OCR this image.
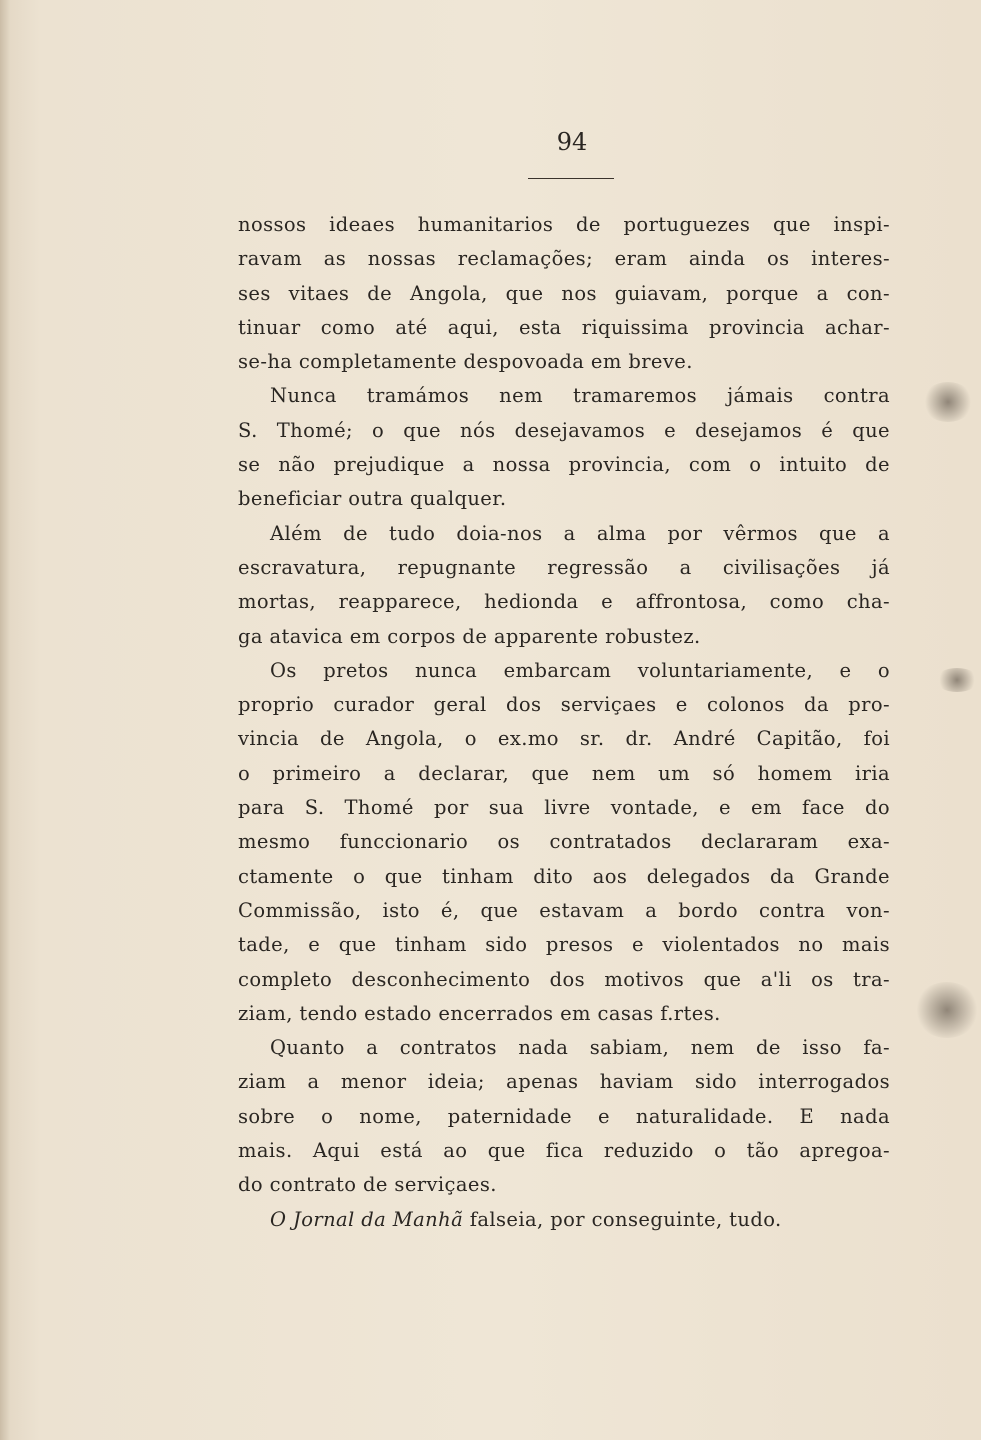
94
nossos ideaes humanitarios de portuguezes que inspi-
ravam as nossas reclamações; eram ainda os interes-
ses vitaes de Angola, que nos guiavam, porque a con-
tinuar como até aqui, esta riquissima provincia achar-
se-ha completamente despovoada em breve.
Nunca tramámos nem tramaremos jámais contra
S. Thomé; o que nós desejavamos e desejamos é que
se não prejudique a nossa provincia, com o intuito de
beneficiar outra qualquer.
Além de tudo doia-nos a alma por vêrmos que a
escravatura, repugnante regressão a civilisações já
mortas, reapparece, hedionda e affrontosa, como cha-
ga atavica em corpos de apparente robustez.
Os pretos nunca embarcam voluntariamente, e o
proprio curador geral dos serviçaes e colonos da pro-
vincia de Angola, o ex.mo sr. dr. André Capitão, foi
o primeiro a declarar, que nem um só homem iria
para S. Thomé por sua livre vontade, e em face do
mesmo funccionario os contratados declararam exa-
ctamente o que tinham dito aos delegados da Grande
Commissão, isto é, que estavam a bordo contra von-
tade, e que tinham sido presos e violentados no mais
completo desconhecimento dos motivos que a'li os tra-
ziam, tendo estado encerrados em casas f.rtes.
Quanto a contratos nada sabiam, nem de isso fa-
ziam a menor ideia; apenas haviam sido interrogados
sobre o nome, paternidade e naturalidade. E nada
mais. Aqui está ao que fica reduzido o tão apregoa-
do contrato de serviçaes.
O Jornal da Manhã falseia, por conseguinte, tudo.
